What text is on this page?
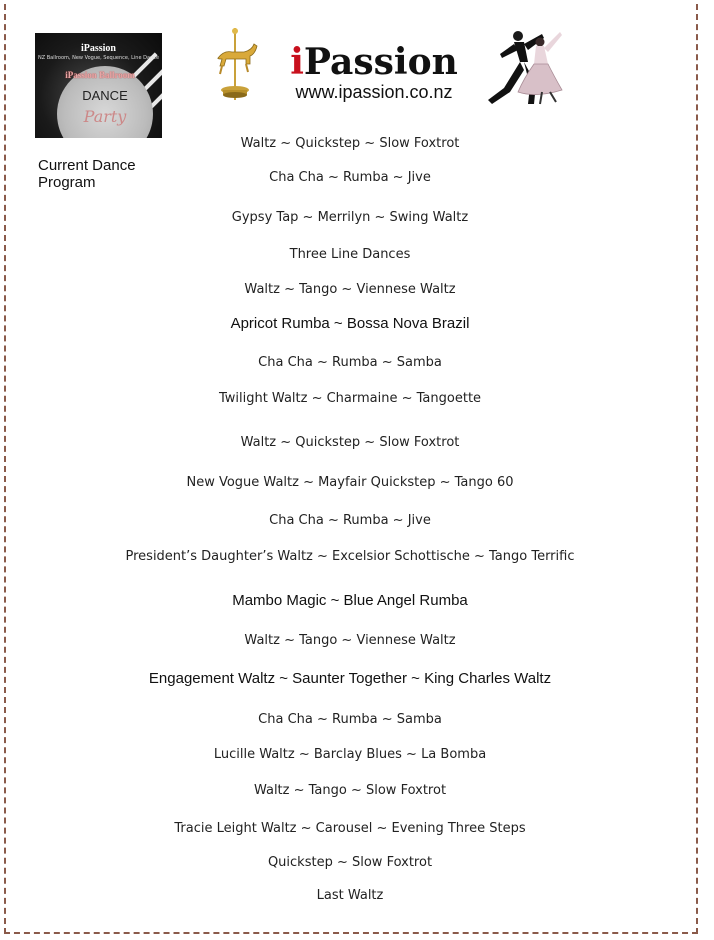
iPassion
NZ Ballroom, New Vogue, Sequence, Line Dance
iPassion Ballroom
DANCE
Party
iPassion
www.ipassion.co.nz
Current Dance Program
Waltz ~ Quickstep ~ Slow Foxtrot
Cha Cha ~ Rumba ~ Jive
Gypsy Tap ~ Merrilyn ~ Swing Waltz
Three Line Dances
Waltz ~ Tango ~ Viennese Waltz
Apricot Rumba ~ Bossa Nova Brazil
Cha Cha ~ Rumba ~ Samba
Twilight Waltz ~ Charmaine ~ Tangoette
Waltz ~ Quickstep ~ Slow Foxtrot
New Vogue Waltz ~ Mayfair Quickstep ~ Tango 60
Cha Cha ~ Rumba ~ Jive
President’s Daughter’s Waltz ~ Excelsior Schottische ~ Tango Terrific
Mambo Magic ~ Blue Angel Rumba
Waltz ~ Tango ~ Viennese Waltz
Engagement Waltz ~ Saunter Together ~ King Charles Waltz
Cha Cha ~ Rumba ~ Samba
Lucille Waltz ~ Barclay Blues ~ La Bomba
Waltz ~ Tango ~ Slow Foxtrot
Tracie Leight Waltz ~ Carousel ~ Evening Three Steps
Quickstep ~ Slow Foxtrot
Last Waltz
